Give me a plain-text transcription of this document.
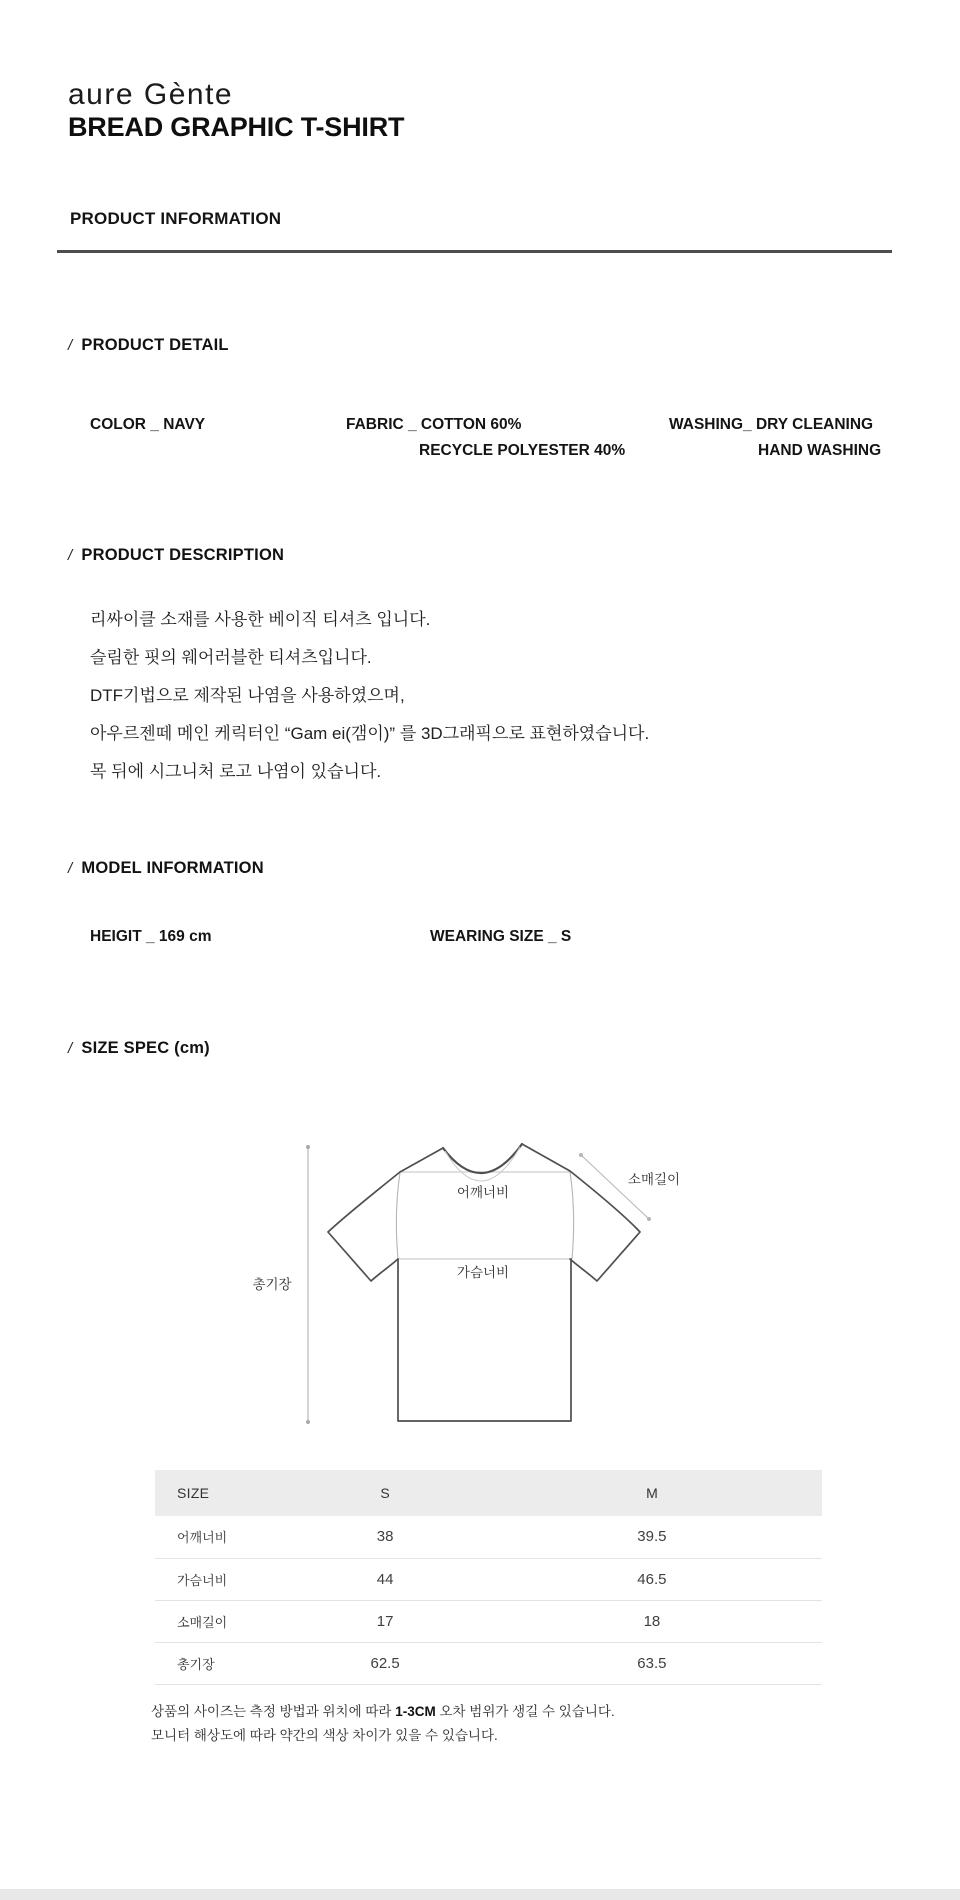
aure Gènte
BREAD GRAPHIC T-SHIRT
PRODUCT INFORMATION
/ PRODUCT DETAIL
COLOR _ NAVY	FABRIC _ COTTON 60%
RECYCLE POLYESTER 40%
WASHING_ DRY CLEANING
HAND WASHING
/ PRODUCT DESCRIPTION
리싸이클 소재를 사용한 베이직 티셔츠 입니다.
슬림한 핏의 웨어러블한 티셔츠입니다.
DTF기법으로 제작된 나염을 사용하였으며,
아우르젠떼 메인 케릭터인 “Gam ei(갬이)” 를 3D그래픽으로 표현하였습니다.
목 뒤에 시그니처 로고 나염이 있습니다.
/ MODEL INFORMATION
HEIGIT _ 169 cm	WEARING SIZE _ S
/ SIZE SPEC (cm)
총기장
어깨너비
가슴너비
소매길이
SIZE	S	M
어깨너비	38	39.5
가슴너비	44	46.5
소매길이	17	18
총기장	62.5	63.5
상품의 사이즈는 측정 방법과 위치에 따라 1-3CM 오차 범위가 생길 수 있습니다.
모니터 해상도에 따라 약간의 색상 차이가 있을 수 있습니다.
